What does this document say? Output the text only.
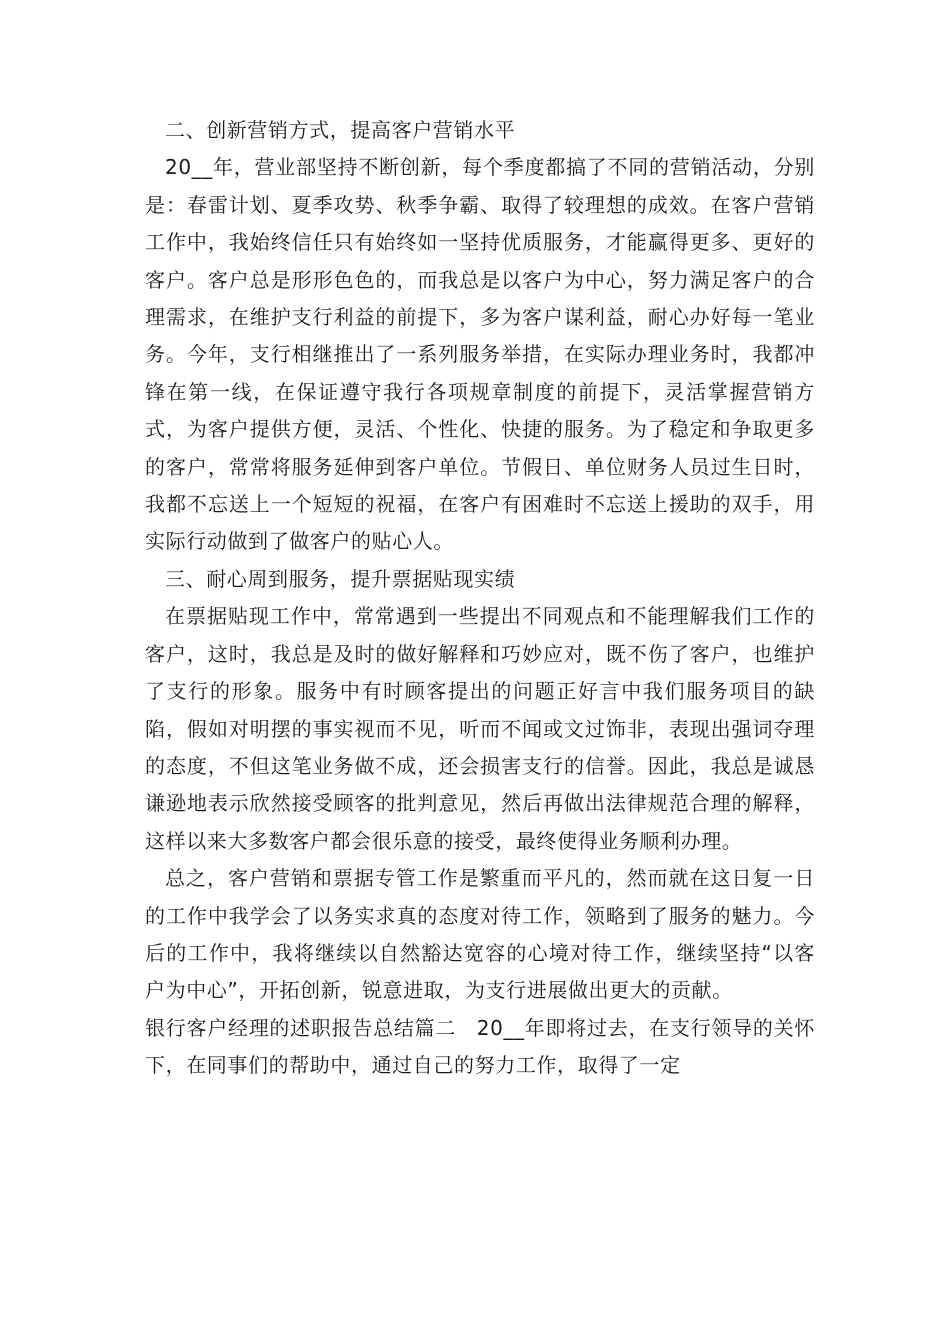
二、创新营销方式，提高客户营销水平

20__年，营业部坚持不断创新，每个季度都搞了不同的营销活动，分别是：春雷计划、夏季攻势、秋季争霸、取得了较理想的成效。在客户营销工作中，我始终信任只有始终如一坚持优质服务，才能赢得更多、更好的客户。客户总是形形色色的，而我总是以客户为中心，努力满足客户的合理需求，在维护支行利益的前提下，多为客户谋利益，耐心办好每一笔业务。今年，支行相继推出了一系列服务举措，在实际办理业务时，我都冲锋在第一线，在保证遵守我行各项规章制度的前提下，灵活掌握营销方式，为客户提供方便，灵活、个性化、快捷的服务。为了稳定和争取更多的客户，常常将服务延伸到客户单位。节假日、单位财务人员过生日时，我都不忘送上一个短短的祝福，在客户有困难时不忘送上援助的双手，用实际行动做到了做客户的贴心人。

三、耐心周到服务，提升票据贴现实绩

在票据贴现工作中，常常遇到一些提出不同观点和不能理解我们工作的客户，这时，我总是及时的做好解释和巧妙应对，既不伤了客户，也维护了支行的形象。服务中有时顾客提出的问题正好言中我们服务项目的缺陷，假如对明摆的事实视而不见，听而不闻或文过饰非，表现出强词夺理的态度，不但这笔业务做不成，还会损害支行的信誉。因此，我总是诚恳谦逊地表示欣然接受顾客的批判意见，然后再做出法律规范合理的解释，这样以来大多数客户都会很乐意的接受，最终使得业务顺利办理。

总之，客户营销和票据专管工作是繁重而平凡的，然而就在这日复一日的工作中我学会了以务实求真的态度对待工作，领略到了服务的魅力。今后的工作中，我将继续以自然豁达宽容的心境对待工作，继续坚持“以客户为中心”，开拓创新，锐意进取，为支行进展做出更大的贡献。

银行客户经理的述职报告总结篇二　20__年即将过去，在支行领导的关怀下，在同事们的帮助中，通过自己的努力工作，取得了一定
